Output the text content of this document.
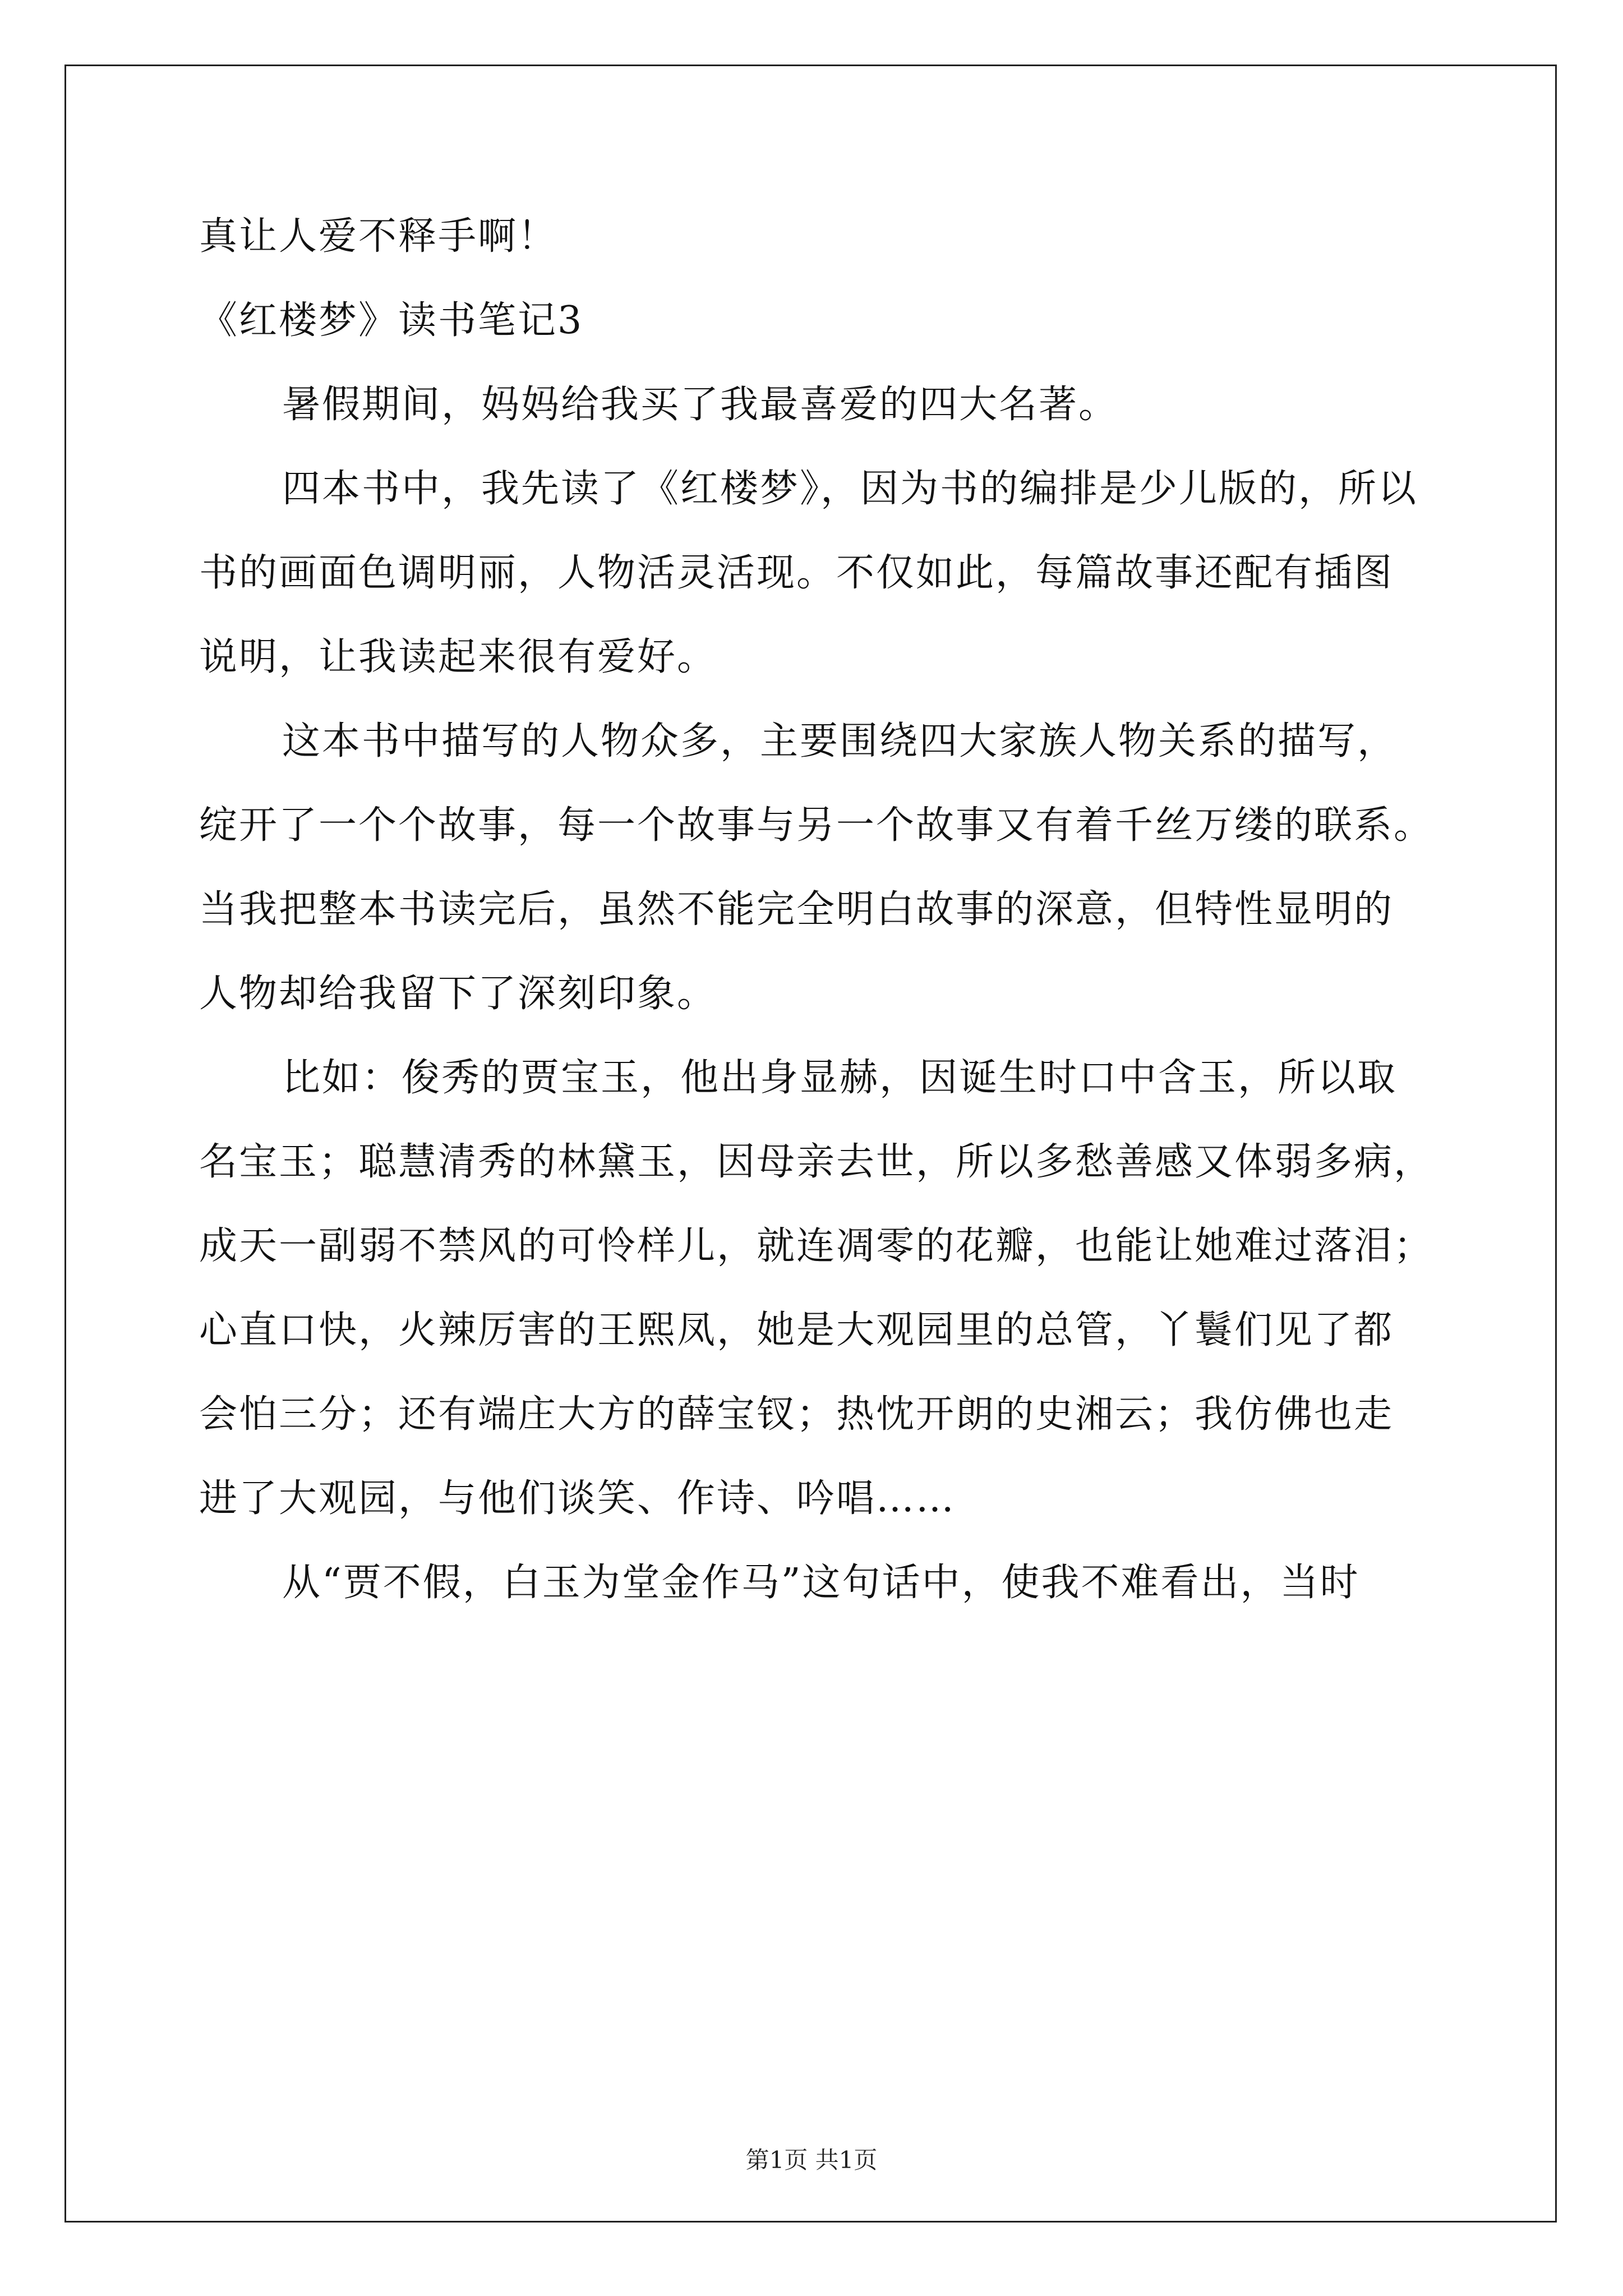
真让人爱不释手啊！
《红楼梦》读书笔记3
暑假期间，妈妈给我买了我最喜爱的四大名著。
四本书中，我先读了《红楼梦》，因为书的编排是少儿版的，所以
书的画面色调明丽，人物活灵活现。不仅如此，每篇故事还配有插图
说明，让我读起来很有爱好。
这本书中描写的人物众多，主要围绕四大家族人物关系的描写，
绽开了一个个故事，每一个故事与另一个故事又有着千丝万缕的联系。
当我把整本书读完后，虽然不能完全明白故事的深意，但特性显明的
人物却给我留下了深刻印象。
比如：俊秀的贾宝玉，他出身显赫，因诞生时口中含玉，所以取
名宝玉；聪慧清秀的林黛玉，因母亲去世，所以多愁善感又体弱多病，
成天一副弱不禁风的可怜样儿，就连凋零的花瓣，也能让她难过落泪；
心直口快，火辣厉害的王熙凤，她是大观园里的总管，丫鬟们见了都
会怕三分；还有端庄大方的薛宝钗；热忱开朗的史湘云；我仿佛也走
进了大观园，与他们谈笑、作诗、吟唱……
从“贾不假，白玉为堂金作马”这句话中，使我不难看出，当时
第1页 共1页
